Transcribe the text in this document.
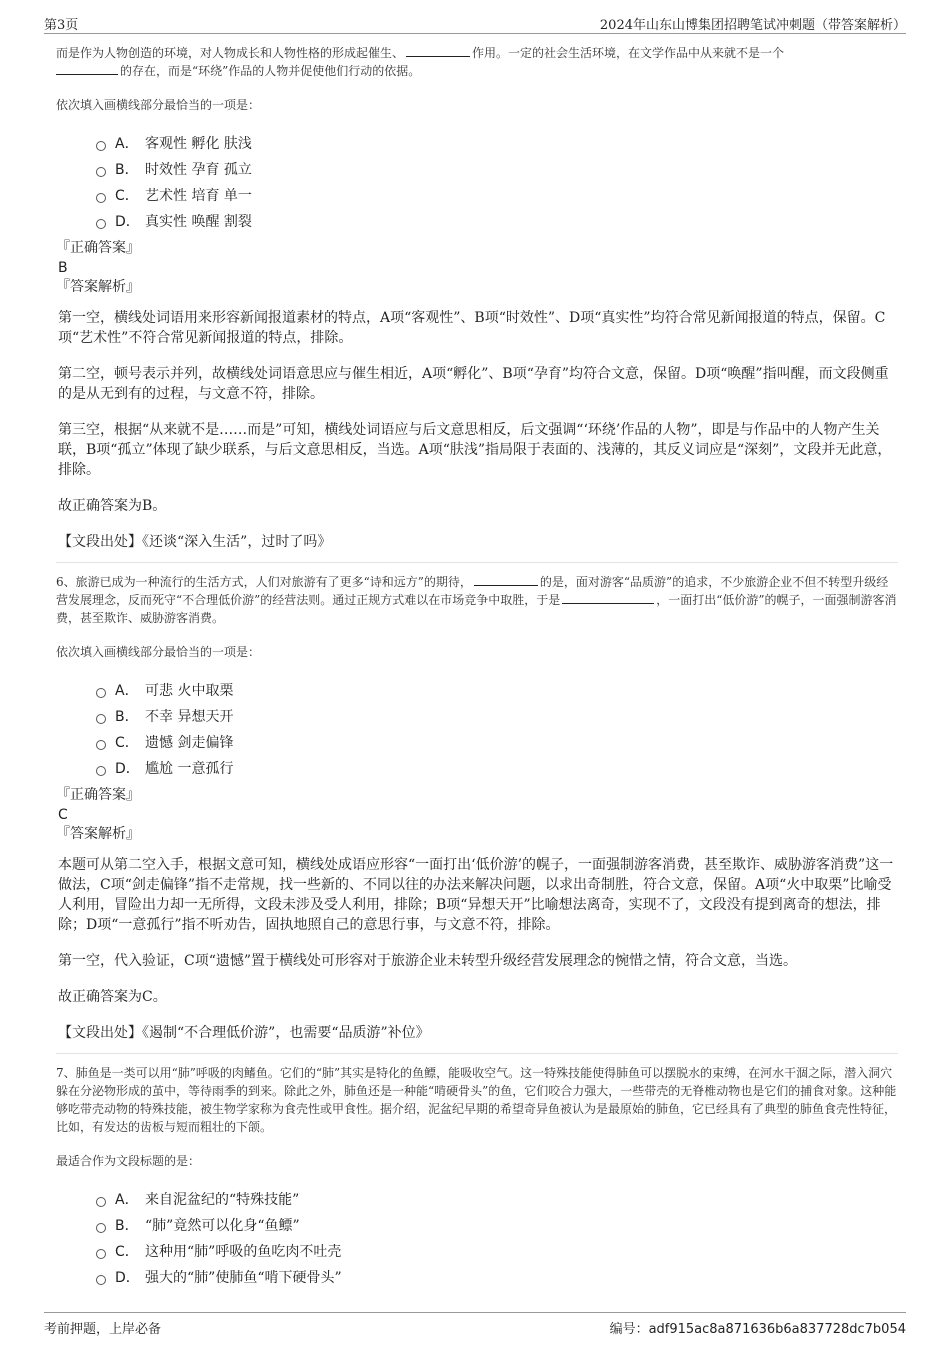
第3页	2024年山东山博集团招聘笔试冲刺题（带答案解析）

而是作为人物创造的环境，对人物成长和人物性格的形成起催生、	作用。一定的社会生活环境，在文学作品中从来就不是一个
的存在，而是“环绕”作品的人物并促使他们行动的依据。

依次填入画横线部分最恰当的一项是：

A． 客观性 孵化 肤浅
B． 时效性 孕育 孤立
C． 艺术性 培育 单一
D． 真实性 唤醒 割裂

『正确答案』

B

『答案解析』

第一空，横线处词语用来形容新闻报道素材的特点，A项“客观性”、B项“时效性”、D项“真实性”均符合常见新闻报道的特点，保留。C项“艺术性”不符合常见新闻报道的特点，排除。

第二空，顿号表示并列，故横线处词语意思应与催生相近，A项“孵化”、B项“孕育”均符合文意，保留。D项“唤醒”指叫醒，而文段侧重的是从无到有的过程，与文意不符，排除。

第三空，根据“从来就不是……而是”可知，横线处词语应与后文意思相反，后文强调“‘环绕’作品的人物”，即是与作品中的人物产生关联，B项“孤立”体现了缺少联系，与后文意思相反，当选。A项“肤浅”指局限于表面的、浅薄的，其反义词应是“深刻”，文段并无此意，排除。

故正确答案为B。

【文段出处】《还谈“深入生活”，过时了吗》

6、旅游已成为一种流行的生活方式，人们对旅游有了更多“诗和远方”的期待，	的是，面对游客“品质游”的追求，不少旅游企业不但不转型升级经营发展理念，反而死守“不合理低价游”的经营法则。通过正规方式难以在市场竞争中取胜，于是	，一面打出“低价游”的幌子，一面强制游客消费，甚至欺诈、威胁游客消费。

依次填入画横线部分最恰当的一项是：

A． 可悲 火中取栗
B． 不幸 异想天开
C． 遗憾 剑走偏锋
D． 尴尬 一意孤行

『正确答案』

C

『答案解析』

本题可从第二空入手，根据文意可知，横线处成语应形容“一面打出‘低价游’的幌子，一面强制游客消费，甚至欺诈、威胁游客消费”这一做法，C项“剑走偏锋”指不走常规，找一些新的、不同以往的办法来解决问题，以求出奇制胜，符合文意，保留。A项“火中取栗”比喻受人利用，冒险出力却一无所得，文段未涉及受人利用，排除；B项“异想天开”比喻想法离奇，实现不了，文段没有提到离奇的想法，排除；D项“一意孤行”指不听劝告，固执地照自己的意思行事，与文意不符，排除。

第一空，代入验证，C项“遗憾”置于横线处可形容对于旅游企业未转型升级经营发展理念的惋惜之情，符合文意，当选。

故正确答案为C。

【文段出处】《遏制“不合理低价游”，也需要“品质游”补位》

7、肺鱼是一类可以用“肺”呼吸的肉鳍鱼。它们的“肺”其实是特化的鱼鳔，能吸收空气。这一特殊技能使得肺鱼可以摆脱水的束缚，在河水干涸之际，潜入洞穴躲在分泌物形成的茧中，等待雨季的到来。除此之外，肺鱼还是一种能“啃硬骨头”的鱼，它们咬合力强大，一些带壳的无脊椎动物也是它们的捕食对象。这种能够吃带壳动物的特殊技能，被生物学家称为食壳性或甲食性。据介绍，泥盆纪早期的希望奇异鱼被认为是最原始的肺鱼，它已经具有了典型的肺鱼食壳性特征，比如，有发达的齿板与短而粗壮的下颌。

最适合作为文段标题的是：

A． 来自泥盆纪的“特殊技能”
B． “肺”竟然可以化身“鱼鳔”
C． 这种用“肺”呼吸的鱼吃肉不吐壳
D． 强大的“肺”使肺鱼“啃下硬骨头”
考前押题，上岸必备	编号：adf915ac8a871636b6a837728dc7b054
